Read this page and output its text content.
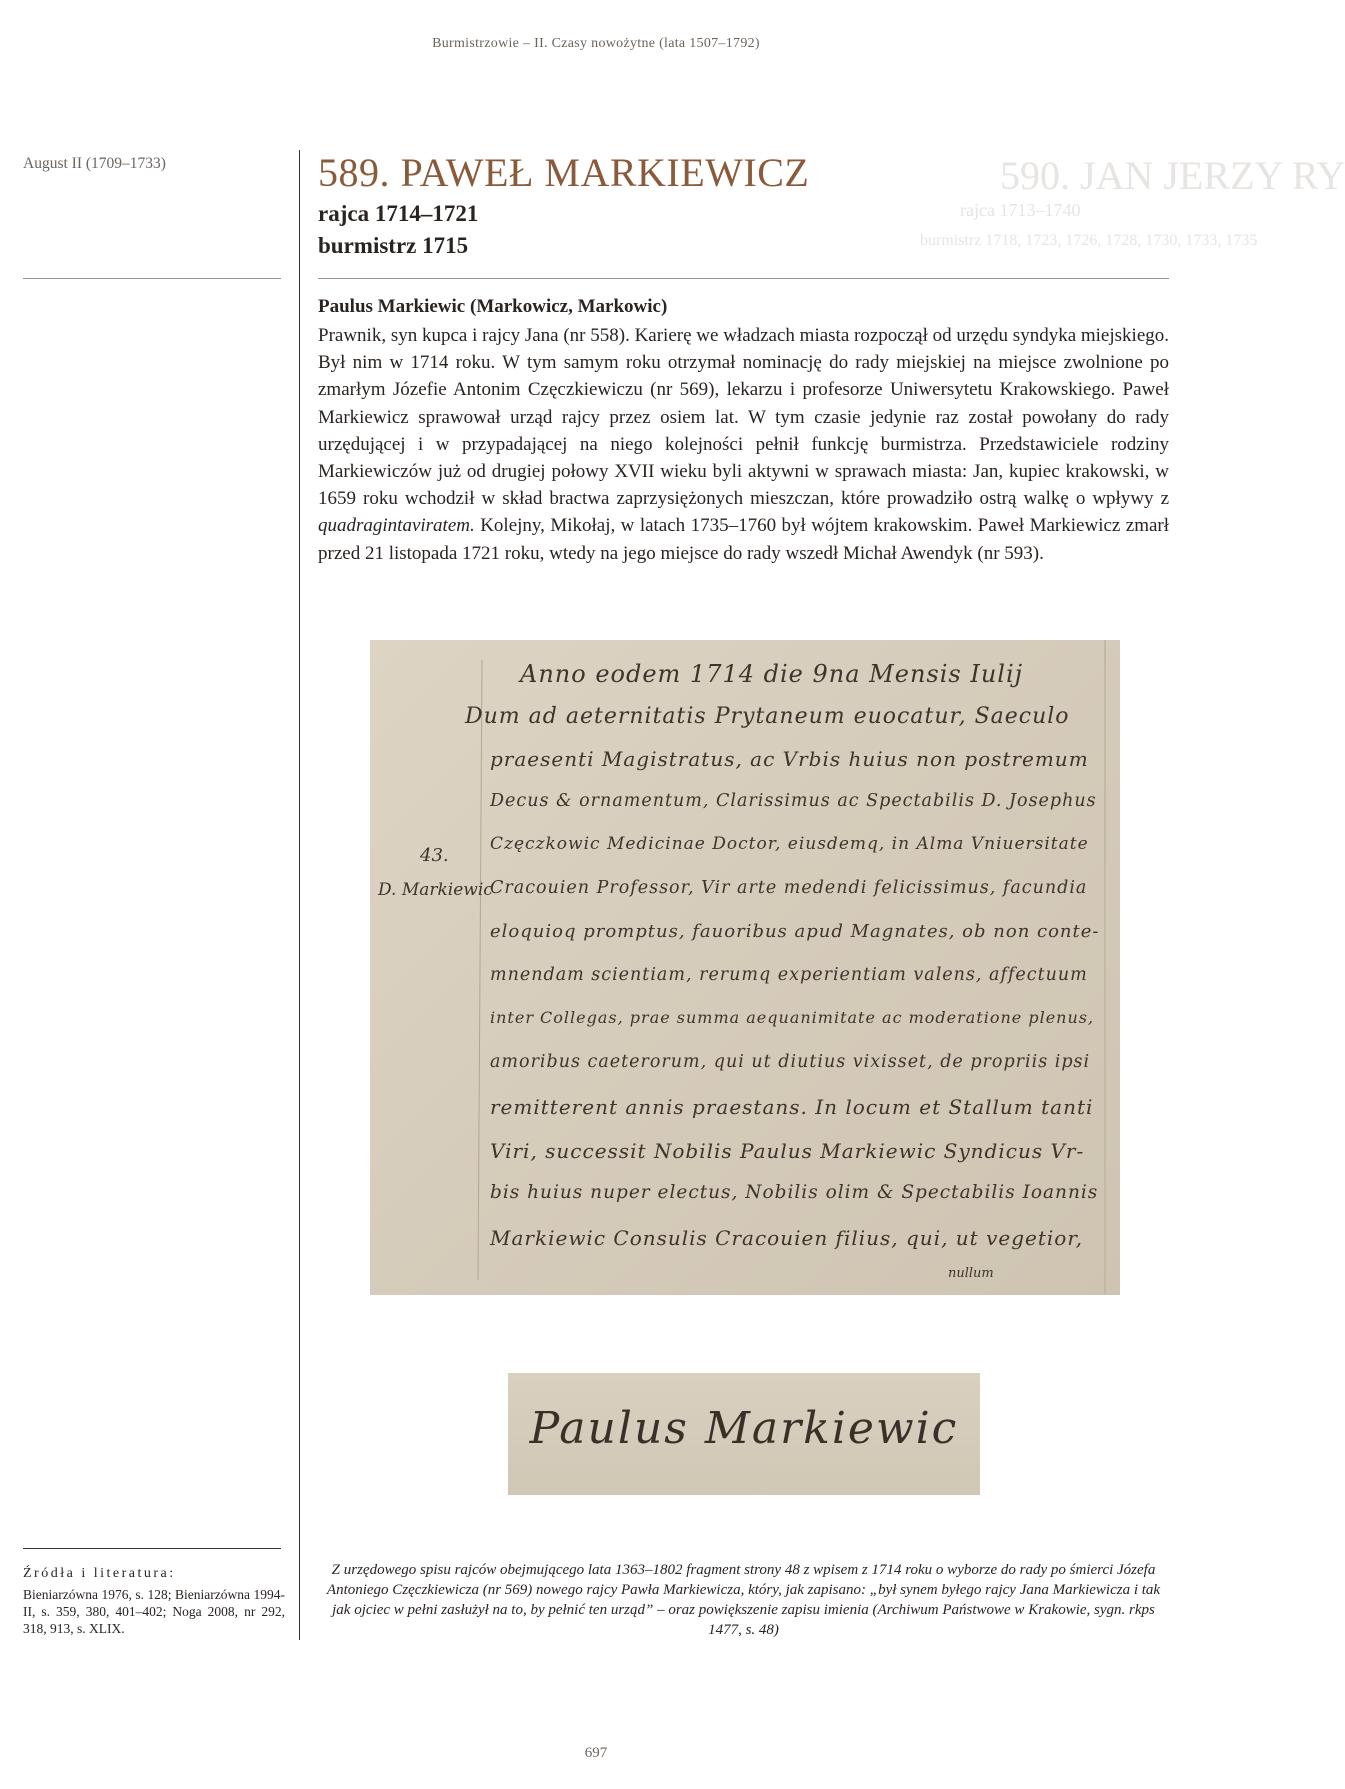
Burmistrzowie – II. Czasy nowożytne (lata 1507–1792)
590. JAN JERZY RY
rajca 1713–1740
burmistrz 1718, 1723, 1726, 1728, 1730, 1733, 1735
August II (1709–1733)	589. PAWEŁ MARKIEWICZ
rajca 1714–1721
burmistrz 1715
Paulus Markiewic (Markowicz, Markowic)
Prawnik, syn kupca i rajcy Jana (nr 558). Karierę we władzach miasta rozpoczął od urzędu syndyka miejskiego. Był nim w 1714 roku. W tym samym roku otrzymał nominację do rady miejskiej na miejsce zwolnione po zmarłym Józefie Antonim Częczkiewiczu (nr 569), lekarzu i profesorze Uniwersytetu Krakowskiego. Paweł Markiewicz sprawował urząd rajcy przez osiem lat. W tym czasie jedynie raz został powołany do rady urzędującej i w przypadającej na niego kolejności pełnił funkcję burmistrza. Przedstawiciele rodziny Markiewiczów już od drugiej połowy XVII wieku byli aktywni w sprawach miasta: Jan, kupiec krakowski, w 1659 roku wchodził w skład bractwa zaprzysiężonych mieszczan, które prowadziło ostrą walkę o wpływy z quadragintaviratem. Kolejny, Mikołaj, w latach 1735–1760 był wójtem krakowskim. Paweł Markiewicz zmarł przed 21 listopada 1721 roku, wtedy na jego miejsce do rady wszedł Michał Awendyk (nr 593).
Anno eodem 1714 die 9na Mensis Iulij
Dum ad aeternitatis Prytaneum euocatur, Saeculo
praesenti Magistratus, ac Vrbis huius non postremum
Decus & ornamentum, Clarissimus ac Spectabilis D. Josephus
Częczkowic Medicinae Doctor, eiusdemq, in Alma Vniuersitate
Cracouien Professor, Vir arte medendi felicissimus, facundia
eloquioq promptus, fauoribus apud Magnates, ob non conte-
mnendam scientiam, rerumq experientiam valens, affectuum
inter Collegas, prae summa aequanimitate ac moderatione plenus,
amoribus caeterorum, qui ut diutius vixisset, de propriis ipsi
remitterent annis praestans. In locum et Stallum tanti
Viri, successit Nobilis Paulus Markiewic Syndicus Vr-
bis huius nuper electus, Nobilis olim & Spectabilis Ioannis
Markiewic Consulis Cracouien filius, qui, ut vegetior,
43.
D. Markiewic
nullum
Paulus Markiewic
Z urzędowego spisu rajców obejmującego lata 1363–1802 fragment strony 48 z wpisem z 1714 roku o wyborze do rady po śmierci Józefa Antoniego Częczkiewicza (nr 569) nowego rajcy Pawła Markiewicza, który, jak zapisano: „był synem byłego rajcy Jana Markiewicza i tak jak ojciec w pełni zasłużył na to, by pełnić ten urząd” – oraz powiększenie zapisu imienia (Archiwum Państwowe w Krakowie, sygn. rkps 1477, s. 48)
Źródła i literatura:
Bieniarzówna 1976, s. 128; Bieniarzówna 1994-II, s. 359, 380, 401–402; Noga 2008, nr 292, 318, 913, s. XLIX.
697
